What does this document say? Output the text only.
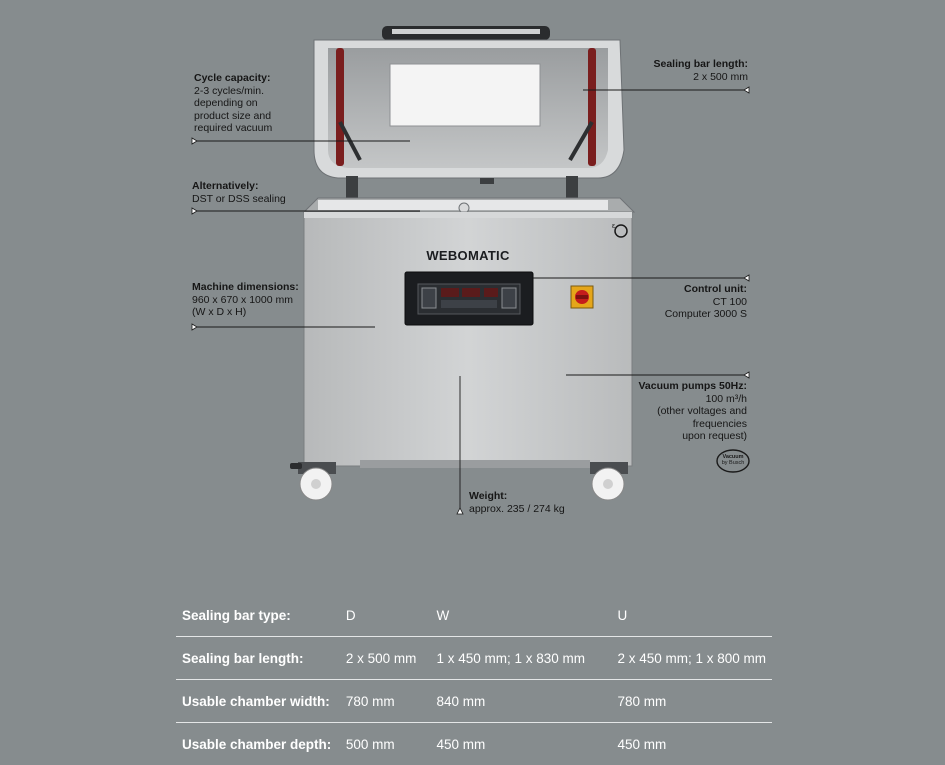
ε
WEBOMATIC
Vacuum
by Busch
Cycle capacity:
2-3 cycles/min.
depending on
product size and
required vacuum
Alternatively:
DST or DSS sealing
Machine dimensions:
960 x 670 x 1000 mm
(W x D x H)
Sealing bar length:
2 x 500 mm
Control unit:
CT 100
Computer 3000 S
Vacuum pumps 50Hz:
100 m³/h
(other voltages and
frequencies
upon request)
Weight:
approx. 235 / 274 kg
Sealing bar type:	D	W	U
Sealing bar length:	2 x 500 mm	1 x 450 mm; 1 x 830 mm	2 x 450 mm; 1 x 800 mm
Usable chamber width:	780 mm	840 mm	780 mm
Usable chamber depth:	500 mm	450 mm	450 mm
